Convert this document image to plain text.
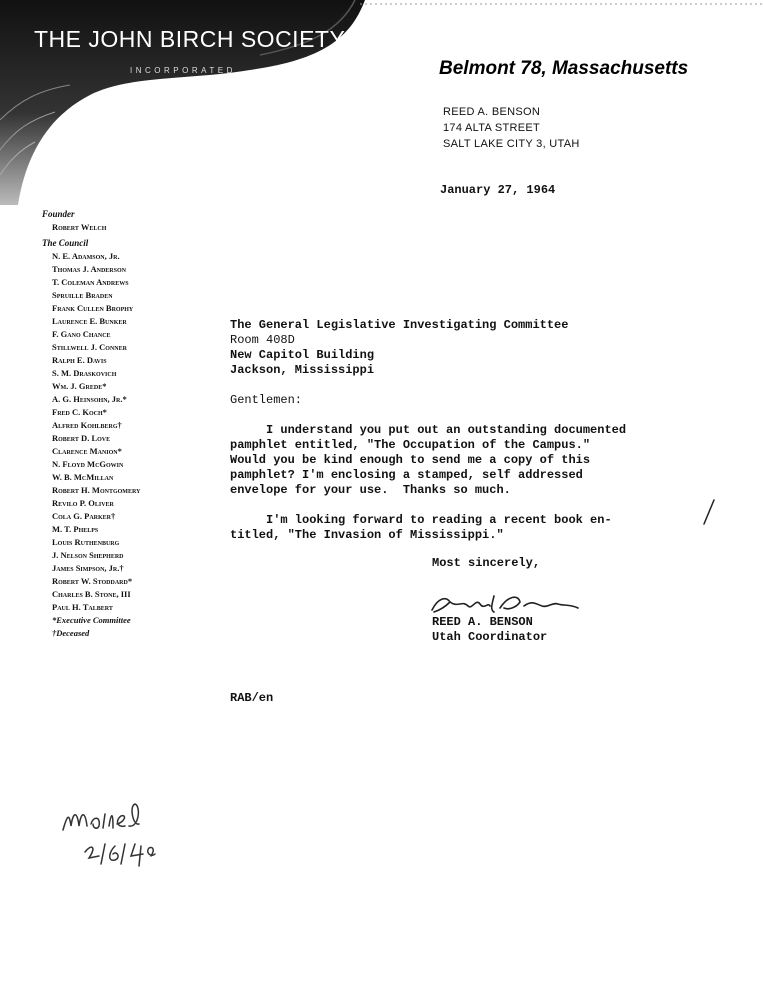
THE JOHN BIRCH SOCIETY
INCORPORATED	Belmont 78, Massachusetts
REED A. BENSON
174 ALTA STREET
SALT LAKE CITY 3, UTAH
January 27, 1964
Founder
Robert Welch
The Council
N. E. Adamson, Jr.
Thomas J. Anderson
T. Coleman Andrews
Spruille Braden
Frank Cullen Brophy
Laurence E. Bunker
F. Gano Chance
Stillwell J. Conner
Ralph E. Davis
S. M. Draskovich
Wm. J. Grede*
A. G. Heinsohn, Jr.*
Fred C. Koch*
Alfred Kohlberg†
Robert D. Love
Clarence Manion*
N. Floyd McGowin
W. B. McMillan
Robert H. Montgomery
Revilo P. Oliver
Cola G. Parker†
M. T. Phelps
Louis Ruthenburg
J. Nelson Shepherd
James Simpson, Jr.†
Robert W. Stoddard*
Charles B. Stone, III
Paul H. Talbert
*Executive Committee
†Deceased
The General Legislative Investigating Committee
Room 408D
New Capitol Building
Jackson, Mississippi
Gentlemen:
I understand you put out an outstanding documented
pamphlet entitled, "The Occupation of the Campus."
Would you be kind enough to send me a copy of this
pamphlet? I'm enclosing a stamped, self addressed
envelope for your use.  Thanks so much.
I'm looking forward to reading a recent book en-
titled, "The Invasion of Mississippi."
Most sincerely,
REED A. BENSON
Utah Coordinator
RAB/en
